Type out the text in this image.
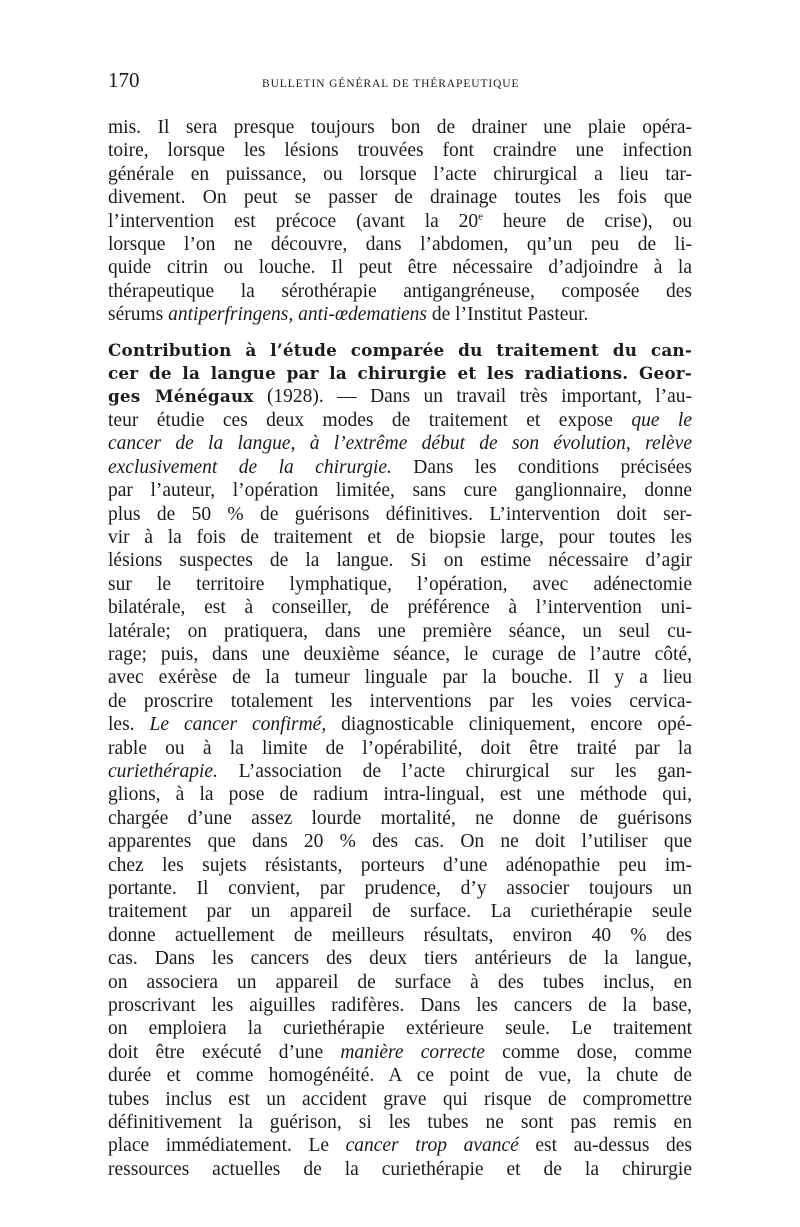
170	BULLETIN GÉNÉRAL DE THÉRAPEUTIQUE
mis. Il sera presque toujours bon de drainer une plaie opéra-
toire, lorsque les lésions trouvées font craindre une infection
générale en puissance, ou lorsque l’acte chirurgical a lieu tar-
divement. On peut se passer de drainage toutes les fois que
l’intervention est précoce (avant la 20e heure de crise), ou
lorsque l’on ne découvre, dans l’abdomen, qu’un peu de li-
quide citrin ou louche. Il peut être nécessaire d’adjoindre à la
thérapeutique la sérothérapie antigangréneuse, composée des
sérums antiperfringens, anti-œdematiens de l’Institut Pasteur.
Contribution à l’étude comparée du traitement du can-
cer de la langue par la chirurgie et les radiations. Geor-
ges Ménégaux (1928). — Dans un travail très important, l’au-
teur étudie ces deux modes de traitement et expose que le
cancer de la langue, à l’extrême début de son évolution, relève
exclusivement de la chirurgie. Dans les conditions précisées
par l’auteur, l’opération limitée, sans cure ganglionnaire, donne
plus de 50 % de guérisons définitives. L’intervention doit ser-
vir à la fois de traitement et de biopsie large, pour toutes les
lésions suspectes de la langue. Si on estime nécessaire d’agir
sur le territoire lymphatique, l’opération, avec adénectomie
bilatérale, est à conseiller, de préférence à l’intervention uni-
latérale; on pratiquera, dans une première séance, un seul cu-
rage; puis, dans une deuxième séance, le curage de l’autre côté,
avec exérèse de la tumeur linguale par la bouche. Il y a lieu
de proscrire totalement les interventions par les voies cervica-
les. Le cancer confirmé, diagnosticable cliniquement, encore opé-
rable ou à la limite de l’opérabilité, doit être traité par la
curiethérapie. L’association de l’acte chirurgical sur les gan-
glions, à la pose de radium intra-lingual, est une méthode qui,
chargée d’une assez lourde mortalité, ne donne de guérisons
apparentes que dans 20 % des cas. On ne doit l’utiliser que
chez les sujets résistants, porteurs d’une adénopathie peu im-
portante. Il convient, par prudence, d’y associer toujours un
traitement par un appareil de surface. La curiethérapie seule
donne actuellement de meilleurs résultats, environ 40 % des
cas. Dans les cancers des deux tiers antérieurs de la langue,
on associera un appareil de surface à des tubes inclus, en
proscrivant les aiguilles radifères. Dans les cancers de la base,
on emploiera la curiethérapie extérieure seule. Le traitement
doit être exécuté d’une manière correcte comme dose, comme
durée et comme homogénéité. A ce point de vue, la chute de
tubes inclus est un accident grave qui risque de compromettre
définitivement la guérison, si les tubes ne sont pas remis en
place immédiatement. Le cancer trop avancé est au-dessus des
ressources actuelles de la curiethérapie et de la chirurgie
